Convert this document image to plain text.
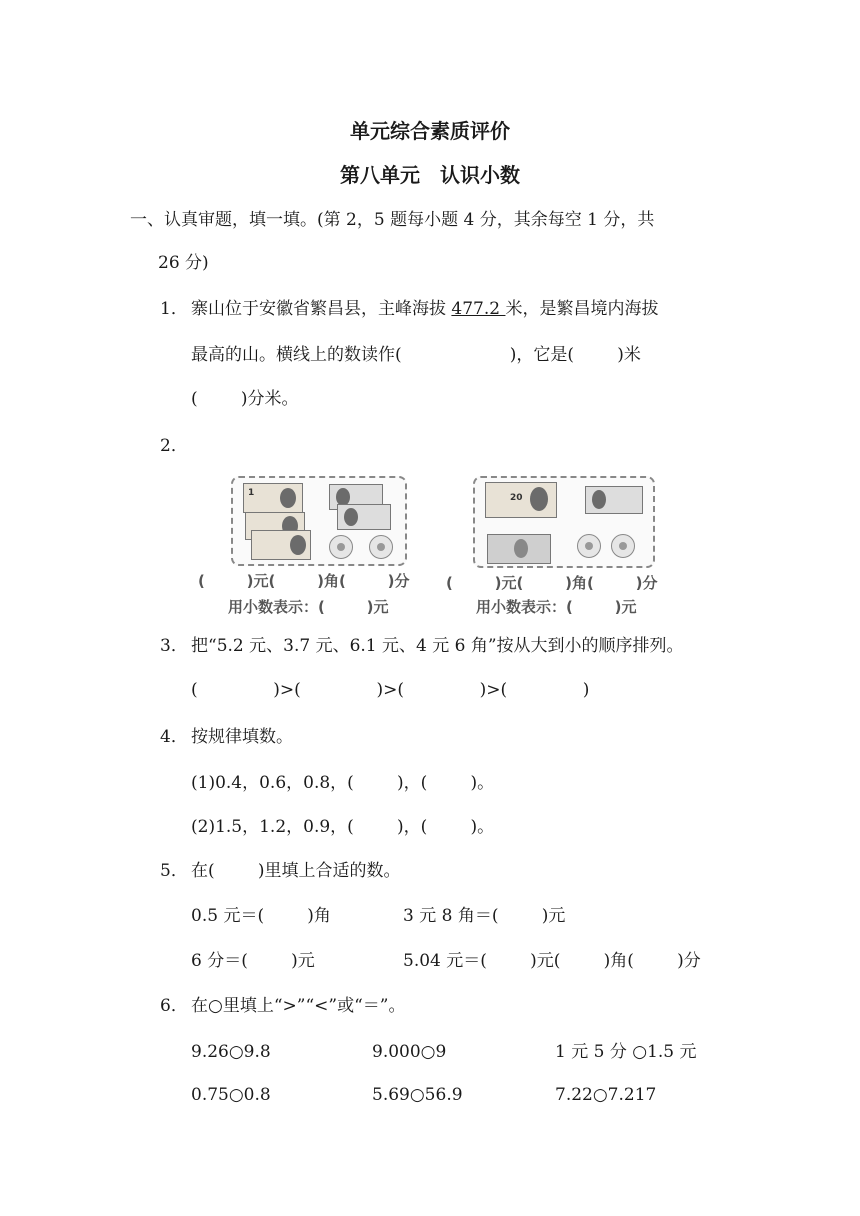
单元综合素质评价
第八单元　认识小数
一、认真审题，填一填。(第 2，5 题每小题 4 分，其余每空 1 分，共
26 分)
1． 寨山位于安徽省繁昌县，主峰海拔 477.2 米，是繁昌境内海拔
最高的山。横线上的数读作(                    )，它是(        )米
(        )分米。
2．
1
(        )元(        )角(        )分
用小数表示：(        )元
20
(        )元(        )角(        )分
用小数表示：(        )元
3． 把“5.2 元、3.7 元、6.1 元、4 元 6 角”按从大到小的顺序排列。
(              )>(              )>(              )>(              )
4． 按规律填数。
(1)0.4，0.6，0.8，(        )，(        )。
(2)1.5，1.2，0.9，(        )，(        )。
5． 在(        )里填上合适的数。
0.5 元＝(        )角	3 元 8 角＝(        )元
6 分＝(        )元	5.04 元＝(        )元(        )角(        )分
6． 在○里填上“>”“<”或“＝”。
9.26○9.8	9.000○9	1 元 5 分 ○1.5 元
0.75○0.8	5.69○56.9	7.22○7.217
